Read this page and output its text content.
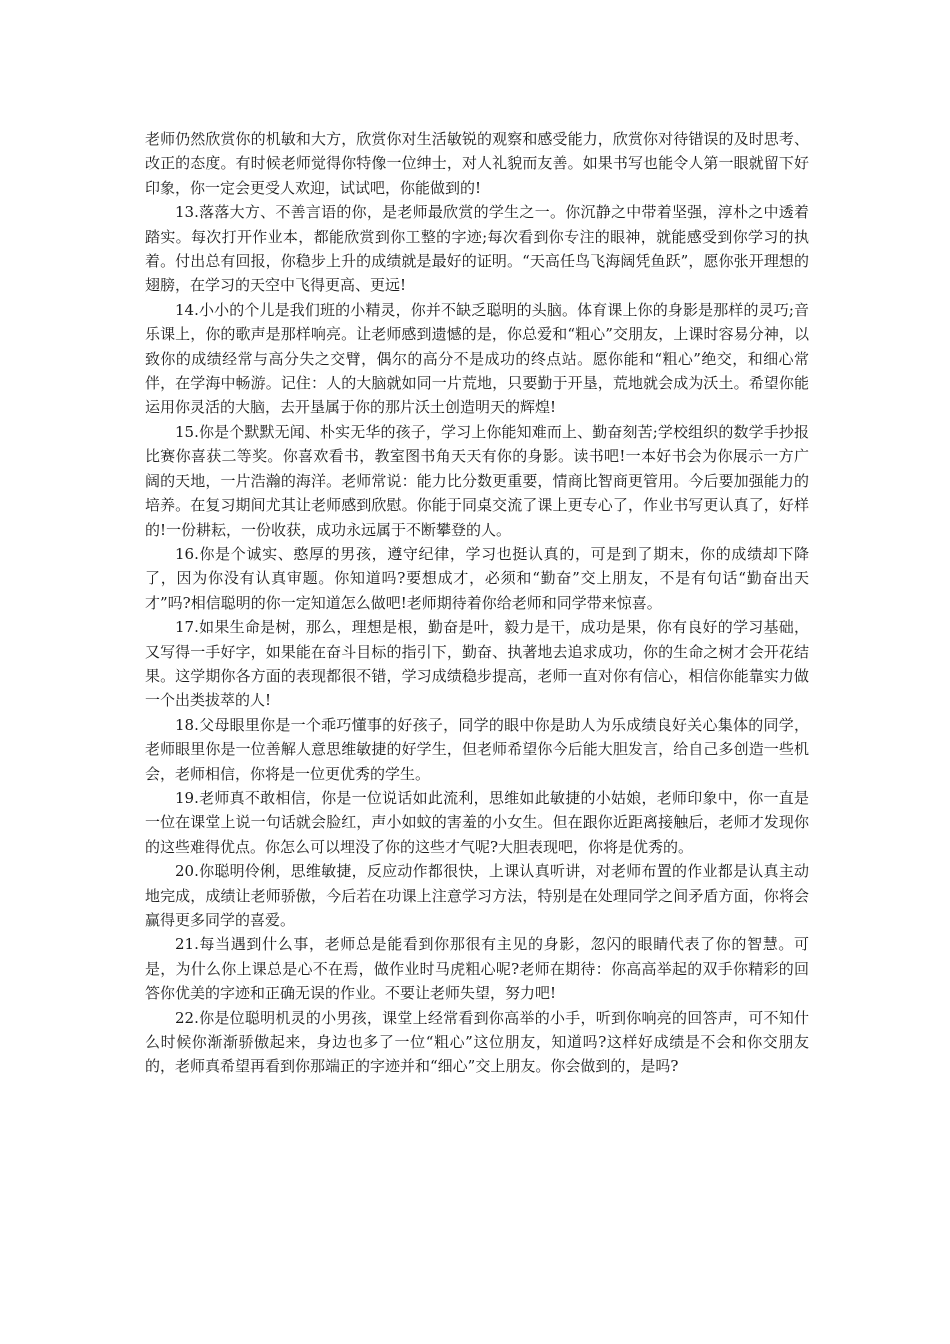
老师仍然欣赏你的机敏和大方，欣赏你对生活敏锐的观察和感受能力，欣赏你对待错误的及时思考、改正的态度。有时候老师觉得你特像一位绅士，对人礼貌而友善。如果书写也能令人第一眼就留下好印象，你一定会更受人欢迎，试试吧，你能做到的!

13.落落大方、不善言语的你，是老师最欣赏的学生之一。你沉静之中带着坚强，淳朴之中透着踏实。每次打开作业本，都能欣赏到你工整的字迹;每次看到你专注的眼神，就能感受到你学习的执着。付出总有回报，你稳步上升的成绩就是最好的证明。“天高任鸟飞海阔凭鱼跃”，愿你张开理想的翅膀，在学习的天空中飞得更高、更远!

14.小小的个儿是我们班的小精灵，你并不缺乏聪明的头脑。体育课上你的身影是那样的灵巧;音乐课上，你的歌声是那样响亮。让老师感到遗憾的是，你总爱和“粗心”交朋友，上课时容易分神，以致你的成绩经常与高分失之交臂，偶尔的高分不是成功的终点站。愿你能和“粗心”绝交，和细心常伴，在学海中畅游。记住：人的大脑就如同一片荒地，只要勤于开垦，荒地就会成为沃土。希望你能运用你灵活的大脑，去开垦属于你的那片沃土创造明天的辉煌!

15.你是个默默无闻、朴实无华的孩子，学习上你能知难而上、勤奋刻苦;学校组织的数学手抄报比赛你喜获二等奖。你喜欢看书，教室图书角天天有你的身影。读书吧!一本好书会为你展示一方广阔的天地，一片浩瀚的海洋。老师常说：能力比分数更重要，情商比智商更管用。今后要加强能力的培养。在复习期间尤其让老师感到欣慰。你能于同桌交流了课上更专心了，作业书写更认真了，好样的!一份耕耘，一份收获，成功永远属于不断攀登的人。

16.你是个诚实、憨厚的男孩，遵守纪律，学习也挺认真的，可是到了期末，你的成绩却下降了，因为你没有认真审题。你知道吗?要想成才，必须和“勤奋”交上朋友，不是有句话“勤奋出天才”吗?相信聪明的你一定知道怎么做吧!老师期待着你给老师和同学带来惊喜。

17.如果生命是树，那么，理想是根，勤奋是叶，毅力是干，成功是果，你有良好的学习基础，又写得一手好字，如果能在奋斗目标的指引下，勤奋、执著地去追求成功，你的生命之树才会开花结果。这学期你各方面的表现都很不错，学习成绩稳步提高，老师一直对你有信心，相信你能靠实力做一个出类拔萃的人!

18.父母眼里你是一个乖巧懂事的好孩子，同学的眼中你是助人为乐成绩良好关心集体的同学，老师眼里你是一位善解人意思维敏捷的好学生，但老师希望你今后能大胆发言，给自己多创造一些机会，老师相信，你将是一位更优秀的学生。

19.老师真不敢相信，你是一位说话如此流利，思维如此敏捷的小姑娘，老师印象中，你一直是一位在课堂上说一句话就会脸红，声小如蚊的害羞的小女生。但在跟你近距离接触后，老师才发现你的这些难得优点。你怎么可以埋没了你的这些才气呢?大胆表现吧，你将是优秀的。

20.你聪明伶俐，思维敏捷，反应动作都很快，上课认真听讲，对老师布置的作业都是认真主动地完成，成绩让老师骄傲，今后若在功课上注意学习方法，特别是在处理同学之间矛盾方面，你将会赢得更多同学的喜爱。

21.每当遇到什么事，老师总是能看到你那很有主见的身影，忽闪的眼睛代表了你的智慧。可是，为什么你上课总是心不在焉，做作业时马虎粗心呢?老师在期待：你高高举起的双手你精彩的回答你优美的字迹和正确无误的作业。不要让老师失望，努力吧!

22.你是位聪明机灵的小男孩，课堂上经常看到你高举的小手，听到你响亮的回答声，可不知什么时候你渐渐骄傲起来，身边也多了一位“粗心”这位朋友，知道吗?这样好成绩是不会和你交朋友的，老师真希望再看到你那端正的字迹并和“细心”交上朋友。你会做到的，是吗?
